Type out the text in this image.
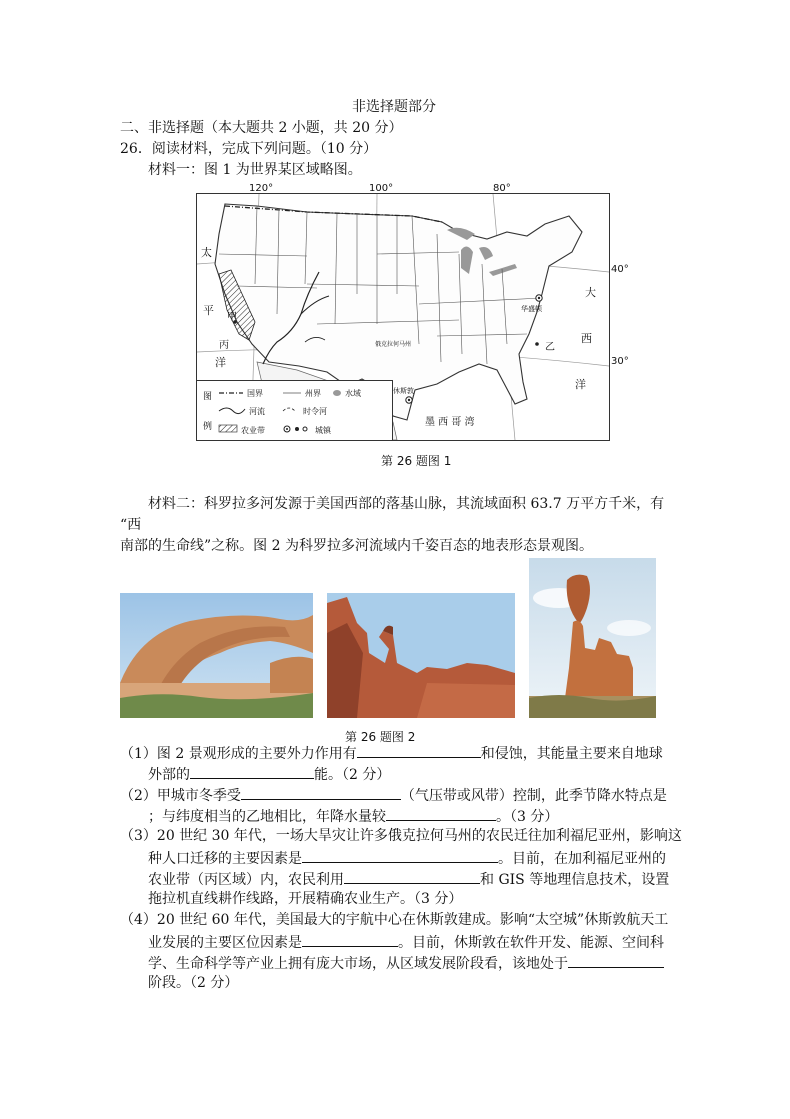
非选择题部分
二、非选择题（本大题共 2 小题，共 20 分）
26．阅读材料，完成下列问题。（10 分）
材料一：图 1 为世界某区域略图。
太
平
洋
大
西
洋
墨 西 哥 湾
甲
丙	乙
俄克拉何马州
休斯敦
华盛顿
图
例
国界	州界	水域
河流	时令河
农业带	城镇
120°	100°	80°
40°
30°
第 26 题图 1
材料二：科罗拉多河发源于美国西部的落基山脉，其流域面积 63.7 万平方千米，有
“西
南部的生命线”之称。图 2 为科罗拉多河流域内千姿百态的地表形态景观图。
第 26 题图 2
（1）图 2 景观形成的主要外力作用有	和侵蚀，其能量主要来自地球
外部的	能。（2 分）
（2）甲城市冬季受	（气压带或风带）控制，此季节降水特点是
；与纬度相当的乙地相比，年降水量较	。（3 分）
（3）20 世纪 30 年代，一场大旱灾让许多俄克拉何马州的农民迁往加利福尼亚州，影响这
种人口迁移的主要因素是	。目前，在加利福尼亚州的
农业带（丙区域）内，农民利用	和 GIS 等地理信息技术，设置
拖拉机直线耕作线路，开展精确农业生产。（3 分）
（4）20 世纪 60 年代，美国最大的宇航中心在休斯敦建成。影响“太空城”休斯敦航天工
业发展的主要区位因素是	。目前，休斯敦在软件开发、能源、空间科
学、生命科学等产业上拥有庞大市场，从区域发展阶段看，该地处于
阶段。（2 分）
